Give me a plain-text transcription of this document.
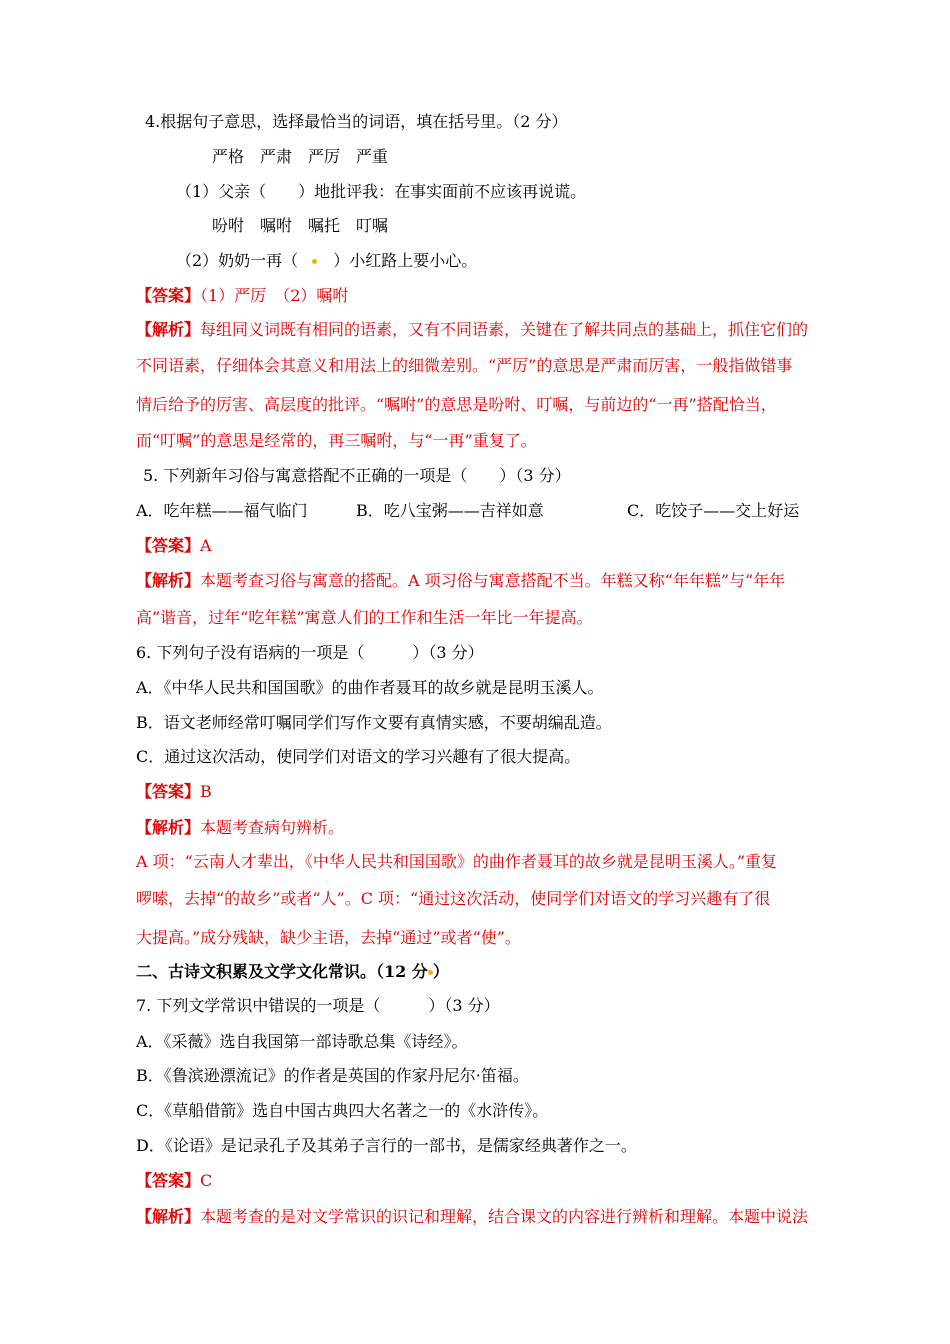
4.根据句子意思，选择最恰当的词语，填在括号里。（2 分）
严格　严肃　严厉　严重
（1）父亲（　　）地批评我：在事实面前不应该再说谎。
吩咐　嘱咐　嘱托　叮嘱
（2）奶奶一再（　）小红路上要小心。
【答案】（1）严厉　（2）嘱咐
【解析】每组同义词既有相同的语素，又有不同语素，关键在了解共同点的基础上，抓住它们的
不同语素，仔细体会其意义和用法上的细微差别。“严厉”的意思是严肃而厉害，一般指做错事
情后给予的厉害、高层度的批评。“嘱咐”的意思是吩咐、叮嘱，与前边的“一再”搭配恰当，
而“叮嘱”的意思是经常的，再三嘱咐，与“一再”重复了。
5. 下列新年习俗与寓意搭配不正确的一项是（　　）（3 分）
A．吃年糕——福气临门	B．吃八宝粥——吉祥如意	C．吃饺子——交上好运
【答案】A
【解析】本题考查习俗与寓意的搭配。A 项习俗与寓意搭配不当。年糕又称“年年糕”与“年年
高”谐音，过年“吃年糕”寓意人们的工作和生活一年比一年提高。
6. 下列句子没有语病的一项是（　　　）（3 分）
A．《中华人民共和国国歌》的曲作者聂耳的故乡就是昆明玉溪人。
B．语文老师经常叮嘱同学们写作文要有真情实感，不要胡编乱造。
C．通过这次活动，使同学们对语文的学习兴趣有了很大提高。
【答案】B
【解析】本题考查病句辨析。
A 项：“云南人才辈出，《中华人民共和国国歌》的曲作者聂耳的故乡就是昆明玉溪人。”重复
啰嗦，去掉“的故乡”或者“人”。C 项：“通过这次活动，使同学们对语文的学习兴趣有了很
大提高。”成分残缺，缺少主语，去掉“通过”或者“使”。
二、古诗文积累及文学文化常识。（12 分 ）
7. 下列文学常识中错误的一项是（　　　）（3 分）
A．《采薇》选自我国第一部诗歌总集《诗经》。
B．《鲁滨逊漂流记》的作者是英国的作家丹尼尔·笛福。
C．《草船借箭》选自中国古典四大名著之一的《水浒传》。
D．《论语》是记录孔子及其弟子言行的一部书，是儒家经典著作之一。
【答案】C
【解析】本题考查的是对文学常识的识记和理解，结合课文的内容进行辨析和理解。本题中说法
